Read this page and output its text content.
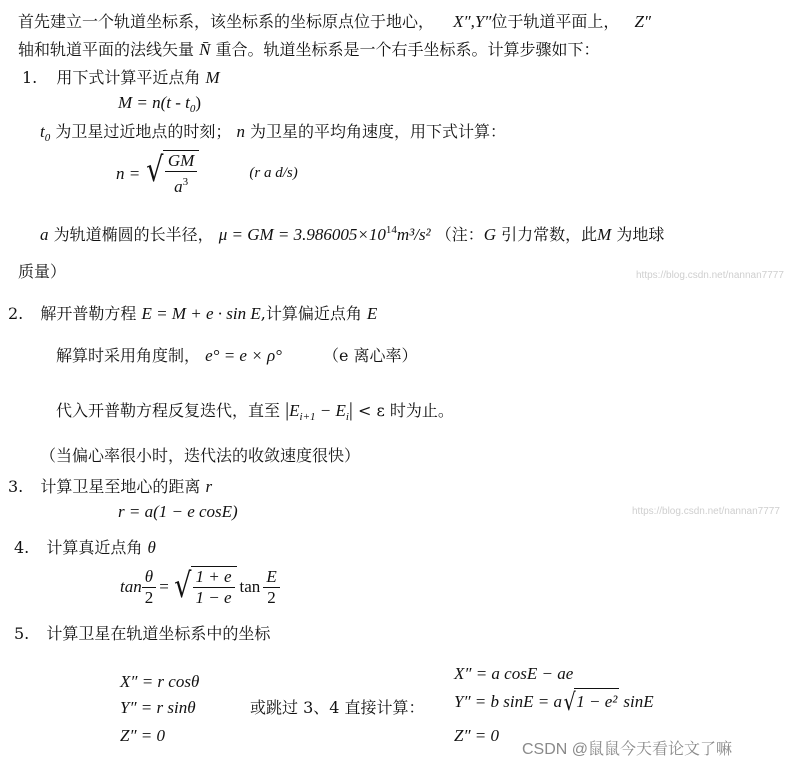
首先建立一个轨道坐标系，该坐标系的坐标原点位于地心， X″,Y″位于轨道平面上， Z″
轴和轨道平面的法线矢量 N̄ 重合。轨道坐标系是一个右手坐标系。计算步骤如下：
1. 用下式计算平近点角 M
$M = n(t - t_0)$
$t_0$ 为卫星过近地点的时刻； n 为卫星的平均角速度，用下式计算：
n = √ $\frac{GM}{a^3}$	(r a d/s)
a 为轨道椭圆的长半径， μ = GM = $3.986005\times 10^{14}m^3/s^2$ （注：G 引力常数，此M 为地球
质量）	https://blog.csdn.net/nannan7777
2. 解开普勒方程 E = M + e · sin E,计算偏近点角 E
解算时采用角度制， e° = e × ρ°	（e 离心率）
代入开普勒方程反复迭代，直至 $|E_{i+1} - E_i| < \varepsilon$ 时为止。
（当偏心率很小时，迭代法的收敛速度很快）
3. 计算卫星至地心的距离 r
r = a(1 − e cosE)	https://blog.csdn.net/nannan7777
4. 计算真近点角 θ
$\tan \frac{\theta}{2}$ = √ $\frac{1 + e}{1 - e}$ $\tan \frac{E}{2}$
5. 计算卫星在轨道坐标系中的坐标
X″ = r cosθ
Y″ = r sinθ
Z″ = 0
或跳过 3、4 直接计算：
X″ = a cosE − ae
Y″ = b sinE = a √ 1 − e² sinE
Z″ = 0
CSDN @鼠鼠今天看论文了嘛
